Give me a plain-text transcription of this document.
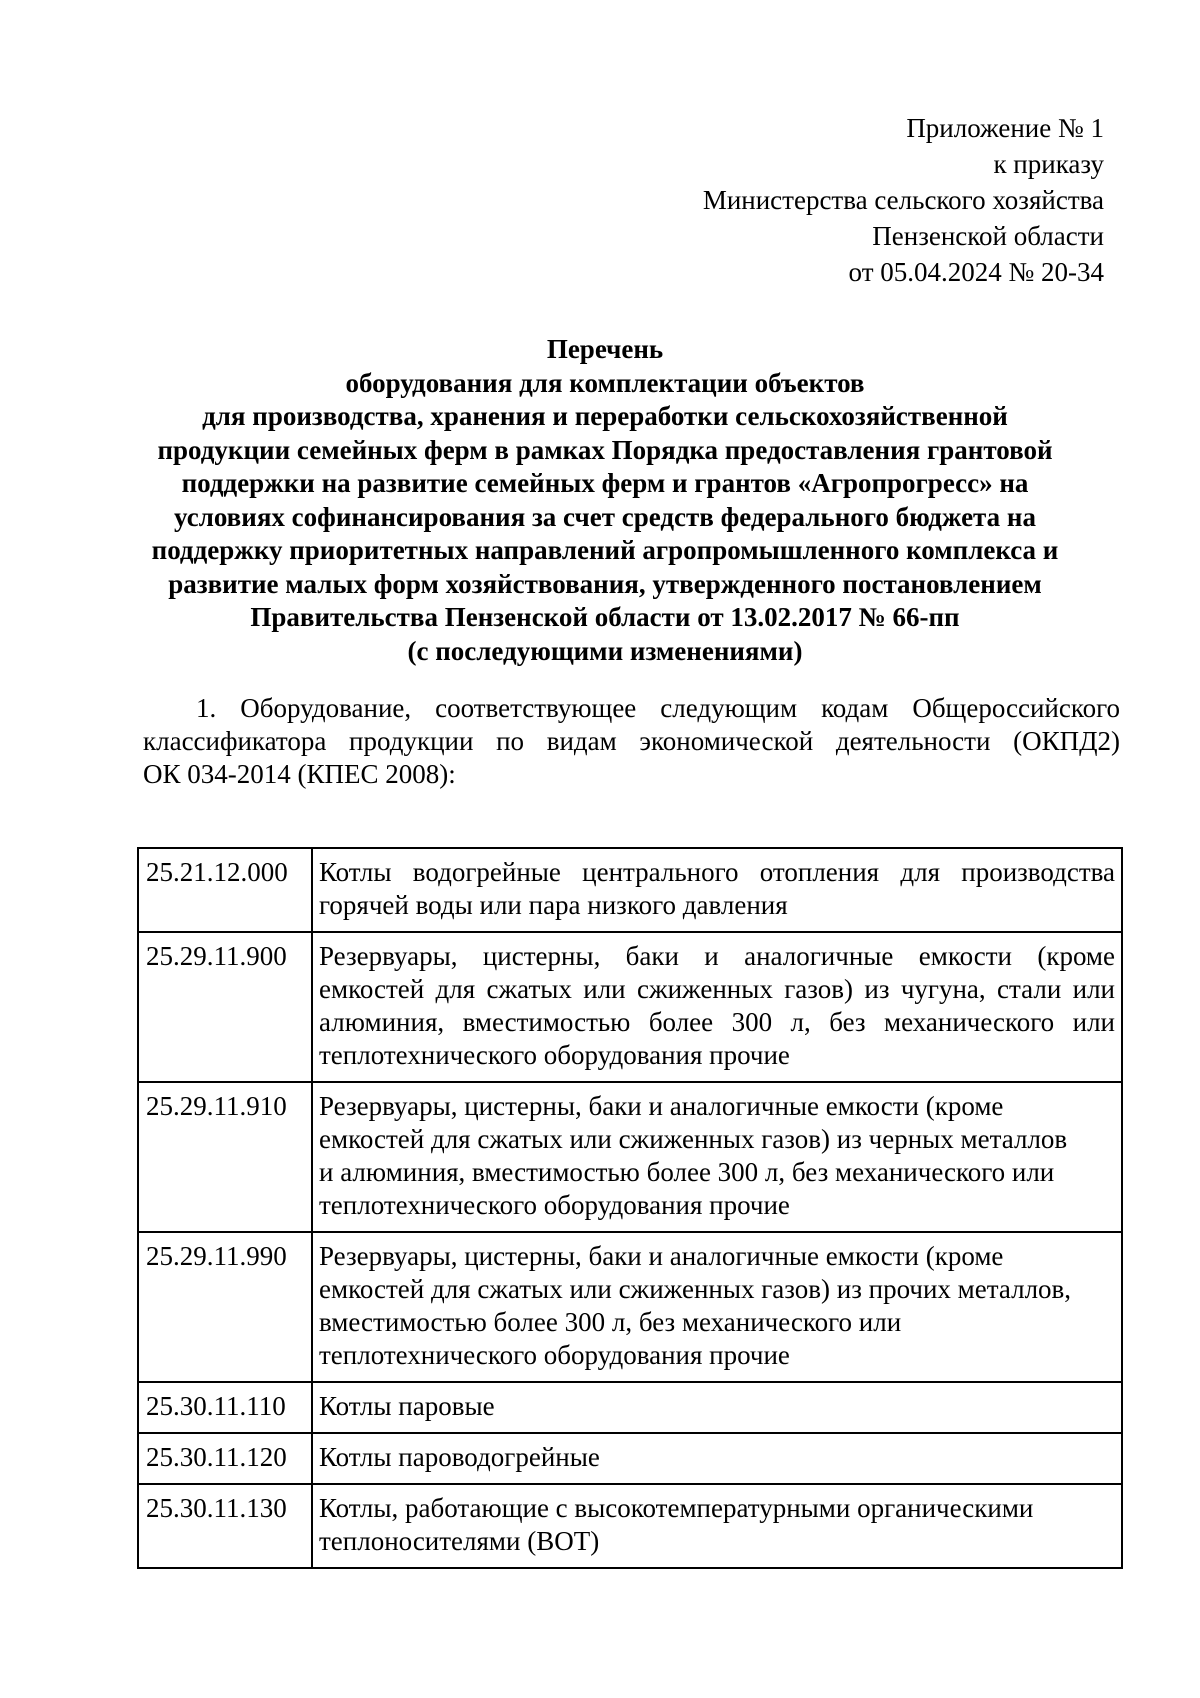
Приложение № 1
к приказу
Министерства сельского хозяйства
Пензенской области
от 05.04.2024 № 20-34
Перечень
оборудования для комплектации объектов
для производства, хранения и переработки сельскохозяйственной
продукции семейных ферм в рамках Порядка предоставления грантовой
поддержки на развитие семейных ферм и грантов «Агропрогресс» на
условиях софинансирования за счет средств федерального бюджета на
поддержку приоритетных направлений агропромышленного комплекса и
развитие малых форм хозяйствования, утвержденного постановлением
Правительства Пензенской области от 13.02.2017 № 66-пп
(с последующими изменениями)
1. Оборудование, соответствующее следующим кодам Общероссийского
классификатора продукции по видам экономической деятельности (ОКПД2)
ОК 034-2014 (КПЕС 2008):
25.21.12.000	Котлы водогрейные центрального отопления для производства
горячей воды или пара низкого давления

25.29.11.900	Резервуары, цистерны, баки и аналогичные емкости (кроме
емкостей для сжатых или сжиженных газов) из чугуна, стали или
алюминия, вместимостью более 300 л, без механического или
теплотехнического оборудования прочие

25.29.11.910	Резервуары, цистерны, баки и аналогичные емкости (кроме
емкостей для сжатых или сжиженных газов) из черных металлов
и алюминия, вместимостью более 300 л, без механического или
теплотехнического оборудования прочие

25.29.11.990	Резервуары, цистерны, баки и аналогичные емкости (кроме
емкостей для сжатых или сжиженных газов) из прочих металлов,
вместимостью более 300 л, без механического или
теплотехнического оборудования прочие

25.30.11.110	Котлы паровые

25.30.11.120	Котлы пароводогрейные

25.30.11.130	Котлы, работающие с высокотемпературными органическими
теплоносителями (ВОТ)
